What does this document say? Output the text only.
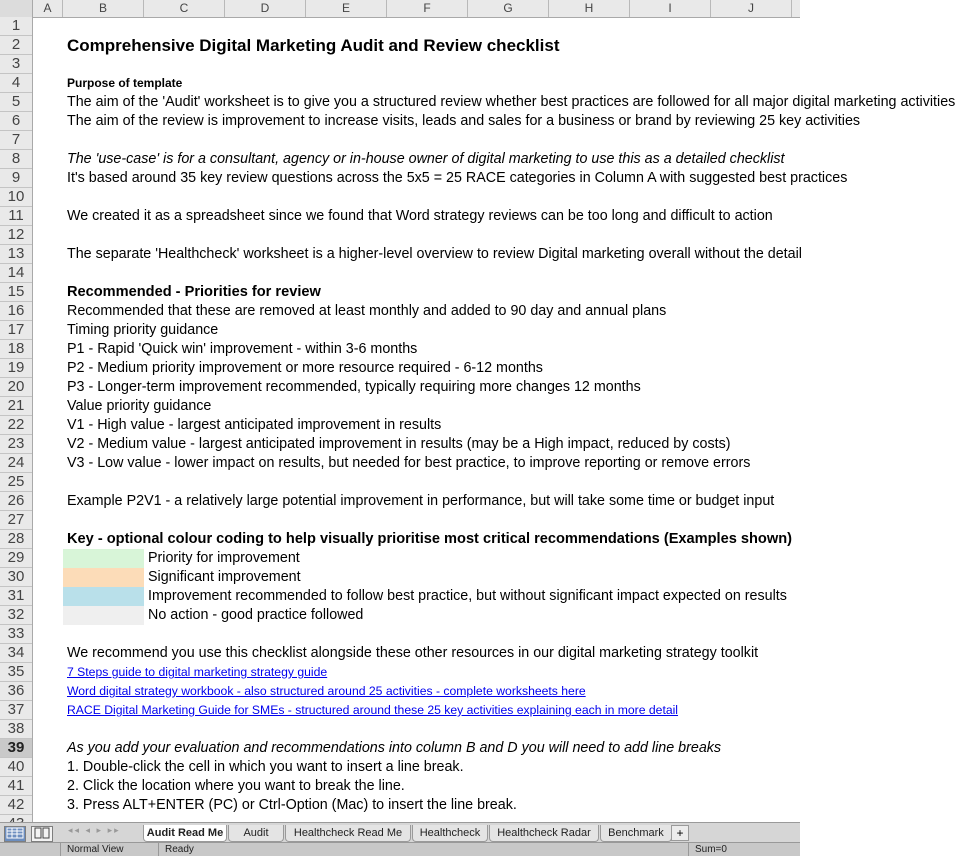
A	B	C	D	E	F	G	H	I	J
1
2
3
4
5
6
7
8
9
10
11
12
13
14
15
16
17
18
19
20
21
22
23
24
25
26
27
28
29
30
31
32
33
34
35
36
37
38
39
40
41
42
Comprehensive Digital Marketing Audit and Review checklist
Purpose of template
The aim of the 'Audit' worksheet is to give you a structured review whether best practices are followed for all major digital marketing activities
The aim of the review is improvement to increase visits, leads and sales for a business or brand by reviewing 25 key activities
The 'use-case' is for a consultant, agency or in-house owner of digital marketing to use this as a detailed checklist
It's based around 35 key review questions across the 5x5 = 25 RACE categories in Column A with suggested best practices
We created it as a spreadsheet since we found that Word strategy reviews can be too long and difficult to action
The separate 'Healthcheck' worksheet is a higher-level overview to review Digital marketing overall without the detail
Recommended - Priorities for review
Recommended that these are removed at least monthly and added to 90 day and annual plans
Timing priority guidance
P1 - Rapid 'Quick win' improvement - within 3-6 months
P2 - Medium priority improvement or more resource required - 6-12 months
P3 - Longer-term improvement recommended, typically requiring more changes 12 months
Value priority guidance
V1 - High value - largest anticipated improvement in results
V2 - Medium value - largest anticipated improvement in results (may be a High impact, reduced by costs)
V3 - Low value - lower impact on results, but needed for best practice, to improve reporting or remove errors
Example P2V1 - a relatively large potential improvement in performance, but will take some time or budget input
Key - optional colour coding to help visually prioritise most critical recommendations (Examples shown)
Priority for improvement
Significant improvement
Improvement recommended to follow best practice, but without significant impact expected on results
No action - good practice followed
We recommend you use this checklist alongside these other resources in our digital marketing strategy toolkit
7 Steps guide to digital marketing strategy guide
Word digital strategy workbook - also structured around 25 activities - complete worksheets here
RACE Digital Marketing Guide for SMEs - structured around these 25 key activities explaining each in more detail
As you add your evaluation and recommendations into column B and D you will need to add line breaks
1. Double-click the cell in which you want to insert a line break.
2. Click the location where you want to break the line.
3. Press ALT+ENTER (PC) or Ctrl-Option (Mac) to insert the line break.
◂◂ ◂ ▸ ▸▸	Audit Read Me	Audit	Healthcheck Read Me	Healthcheck	Healthcheck Radar	Benchmark	+
Normal View	Ready	Sum=0
